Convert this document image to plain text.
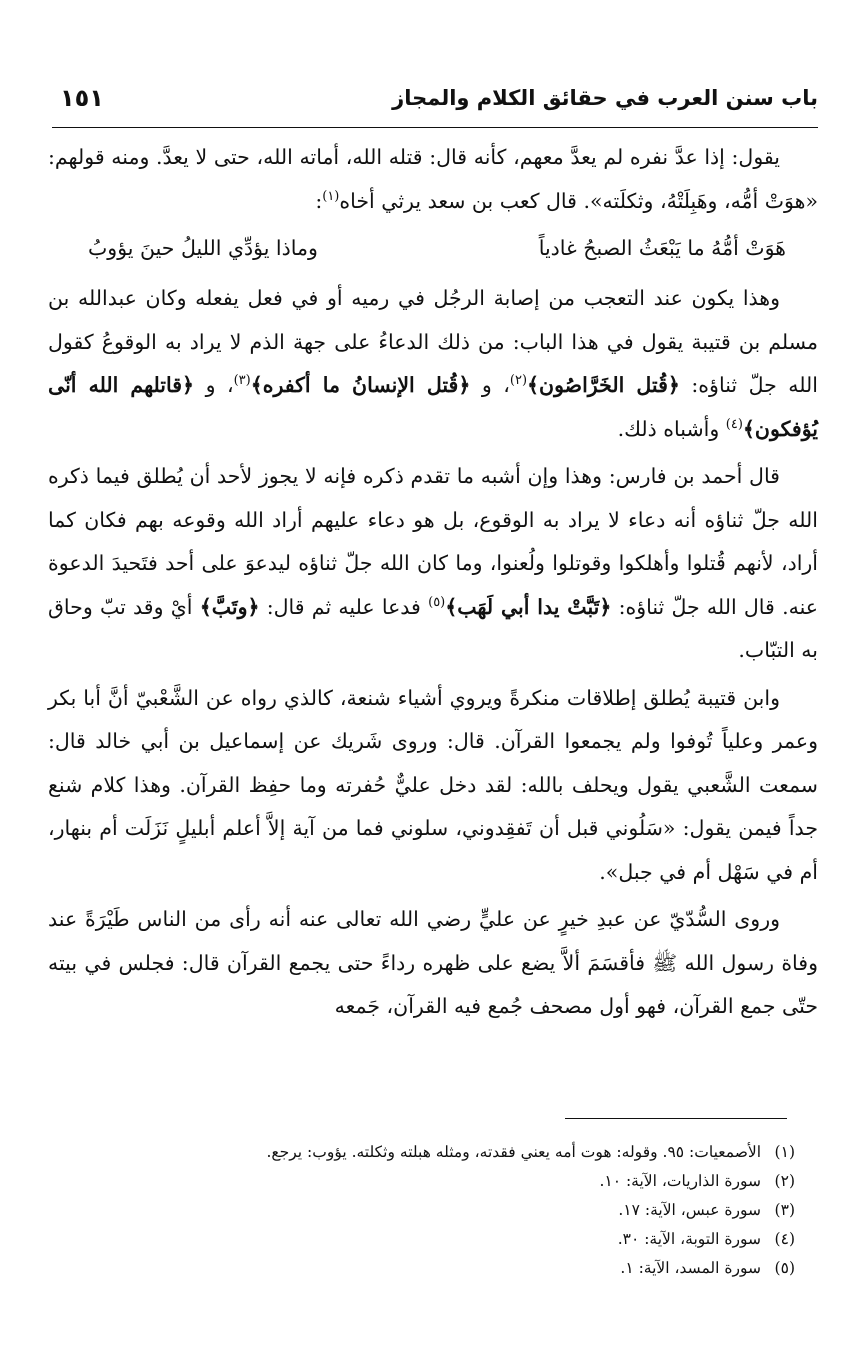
باب سنن العرب في حقائق الكلام والمجاز
١٥١

يقول: إذا عدَّ نفره لم يعدَّ معهم، كأنه قال: قتله الله، أماته الله، حتى لا يعدَّ. ومنه قولهم: «هوَتْ أمُّه، وهَبِلَتْهُ، وثكلَته». قال كعب بن سعد يرثي أخاه$^{(١)}$:

هَوَتْ أمُّهُ ما يَبْعَثُ الصبحُ غادياً
وماذا يؤدِّي الليلُ حينَ يؤوبُ

وهذا يكون عند التعجب من إصابة الرجُل في رميه أو في فعل يفعله وكان عبدالله بن مسلم بن قتيبة يقول في هذا الباب: من ذلك الدعاءُ على جهة الذم لا يراد به الوقوعُ كقول الله جلّ ثناؤه: ﴿قُتل الخَرَّاصُون﴾$^{(٢)}$، و ﴿قُتل الإنسانُ ما أكفره﴾$^{(٣)}$، و ﴿قاتلهم الله أنّى يُؤفكون﴾$^{(٤)}$ وأشباه ذلك.

قال أحمد بن فارس: وهذا وإن أشبه ما تقدم ذكره فإنه لا يجوز لأحد أن يُطلق فيما ذكره الله جلّ ثناؤه أنه دعاء لا يراد به الوقوع، بل هو دعاء عليهم أراد الله وقوعه بهم فكان كما أراد، لأنهم قُتلوا وأهلكوا وقوتلوا ولُعنوا، وما كان الله جلّ ثناؤه ليدعوَ على أحد فتَحيدَ الدعوة عنه. قال الله جلّ ثناؤه: ﴿تَبَّتْ يدا أبي لَهَب﴾$^{(٥)}$ فدعا عليه ثم قال: ﴿وتَبَّ﴾ أيْ وقد تبّ وحاق به التبّاب.

وابن قتيبة يُطلق إطلاقات منكرةً ويروي أشياء شنعة، كالذي رواه عن الشَّعْبيّ أنَّ أبا بكر وعمر وعلياً تُوفوا ولم يجمعوا القرآن. قال: وروى شَريك عن إسماعيل بن أبي خالد قال: سمعت الشَّعبي يقول ويحلف بالله: لقد دخل عليٌّ حُفرته وما حفِظ القرآن. وهذا كلام شنع جداً فيمن يقول: «سَلُوني قبل أن تَفقِدوني، سلوني فما من آية إلاَّ أعلم أبليلٍ نَزَلَت أم بنهار، أم في سَهْل أم في جبل».

وروى السُّدّيّ عن عبدِ خيرٍ عن عليٍّ رضي الله تعالى عنه أنه رأى من الناس طَيْرَةً عند وفاة رسول الله ﷺ فأقسَمَ ألاَّ يضع على ظهره رداءً حتى يجمع القرآن قال: فجلس في بيته حتّى جمع القرآن، فهو أول مصحف جُمع فيه القرآن، جَمعه

(١)الأصمعيات: ٩٥. وقوله: هوت أمه يعني فقدته، ومثله هبلته وثكلته. يؤوب: يرجع.
(٢)سورة الذاريات، الآية: ١٠.
(٣)سورة عبس، الآية: ١٧.
(٤)سورة التوبة، الآية: ٣٠.
(٥)سورة المسد، الآية: ١.
